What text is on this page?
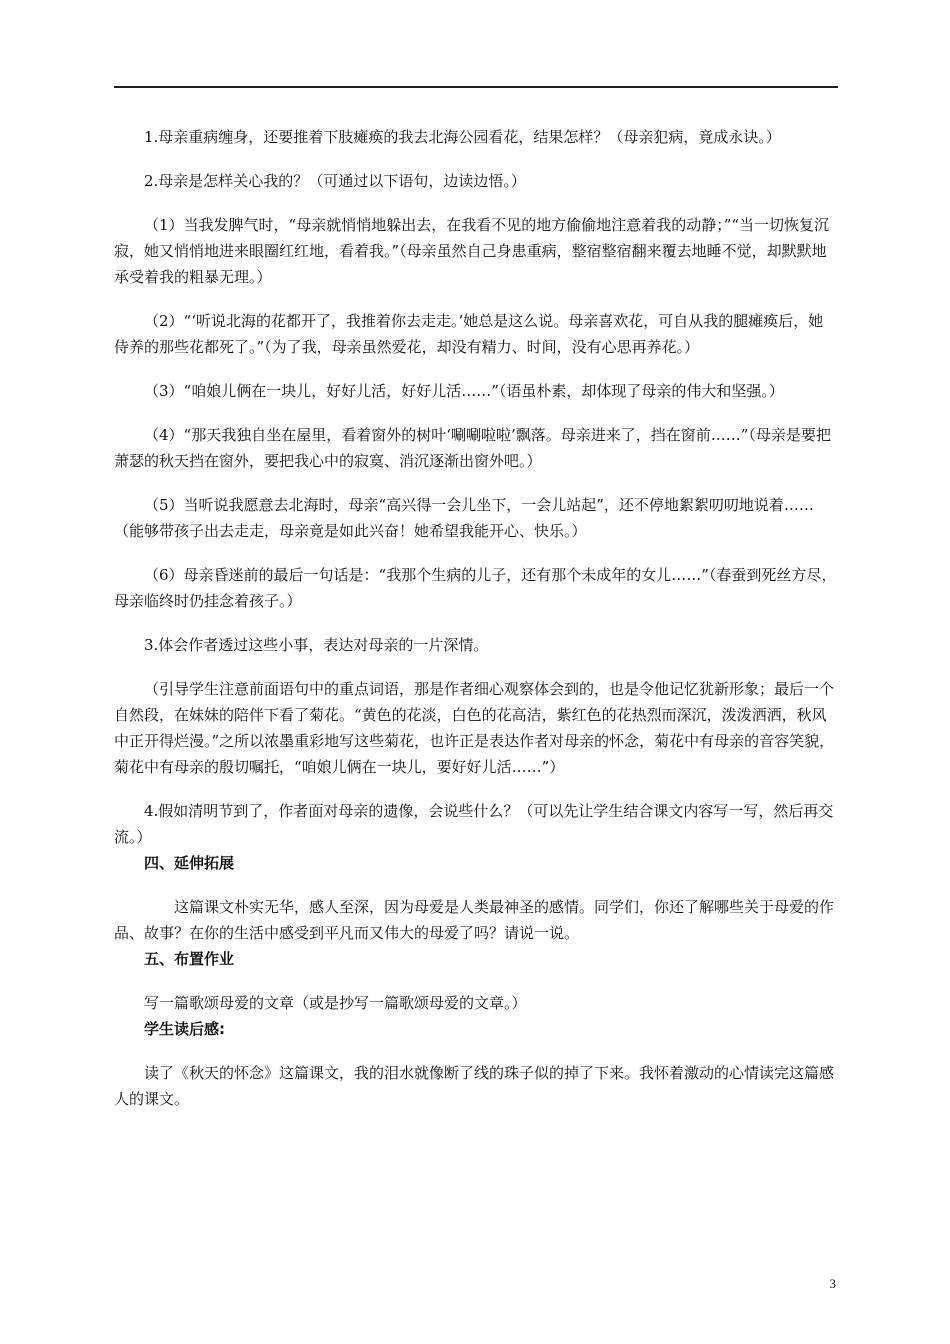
1.母亲重病缠身，还要推着下肢瘫痪的我去北海公园看花，结果怎样？（母亲犯病，竟成永诀。）

2.母亲是怎样关心我的？（可通过以下语句，边读边悟。）

（1）当我发脾气时，“母亲就悄悄地躲出去，在我看不见的地方偷偷地注意着我的动静；”“当一切恢复沉寂，她又悄悄地进来眼圈红红地，看着我。”（母亲虽然自己身患重病，整宿整宿翻来覆去地睡不觉，却默默地承受着我的粗暴无理。）

（2）“‘听说北海的花都开了，我推着你去走走。’她总是这么说。母亲喜欢花，可自从我的腿瘫痪后，她侍养的那些花都死了。”（为了我，母亲虽然爱花，却没有精力、时间，没有心思再养花。）

（3）“咱娘儿俩在一块儿，好好儿活，好好儿活……”（语虽朴素，却体现了母亲的伟大和坚强。）

（4）“那天我独自坐在屋里，看着窗外的树叶‘唰唰啦啦’飘落。母亲进来了，挡在窗前……”（母亲是要把萧瑟的秋天挡在窗外，要把我心中的寂寞、消沉逐渐出窗外吧。）

（5）当听说我愿意去北海时，母亲“高兴得一会儿坐下，一会儿站起”，还不停地絮絮叨叨地说着……（能够带孩子出去走走，母亲竟是如此兴奋！她希望我能开心、快乐。）

（6）母亲昏迷前的最后一句话是：“我那个生病的儿子，还有那个未成年的女儿……”（春蚕到死丝方尽，母亲临终时仍挂念着孩子。）

3.体会作者透过这些小事，表达对母亲的一片深情。

（引导学生注意前面语句中的重点词语，那是作者细心观察体会到的，也是令他记忆犹新形象；最后一个自然段，在妹妹的陪伴下看了菊花。“黄色的花淡，白色的花高洁，紫红色的花热烈而深沉，泼泼洒洒，秋风中正开得烂漫。”之所以浓墨重彩地写这些菊花，也许正是表达作者对母亲的怀念，菊花中有母亲的音容笑貌，菊花中有母亲的殷切嘱托，“咱娘儿俩在一块儿，要好好儿活……”）

4.假如清明节到了，作者面对母亲的遗像，会说些什么？（可以先让学生结合课文内容写一写，然后再交流。）

四、延伸拓展

这篇课文朴实无华，感人至深，因为母爱是人类最神圣的感情。同学们，你还了解哪些关于母爱的作品、故事？在你的生活中感受到平凡而又伟大的母爱了吗？请说一说。

五、布置作业

写一篇歌颂母爱的文章（或是抄写一篇歌颂母爱的文章。）

学生读后感:

读了《秋天的怀念》这篇课文，我的泪水就像断了线的珠子似的掉了下来。我怀着激动的心情读完这篇感人的课文。

3
